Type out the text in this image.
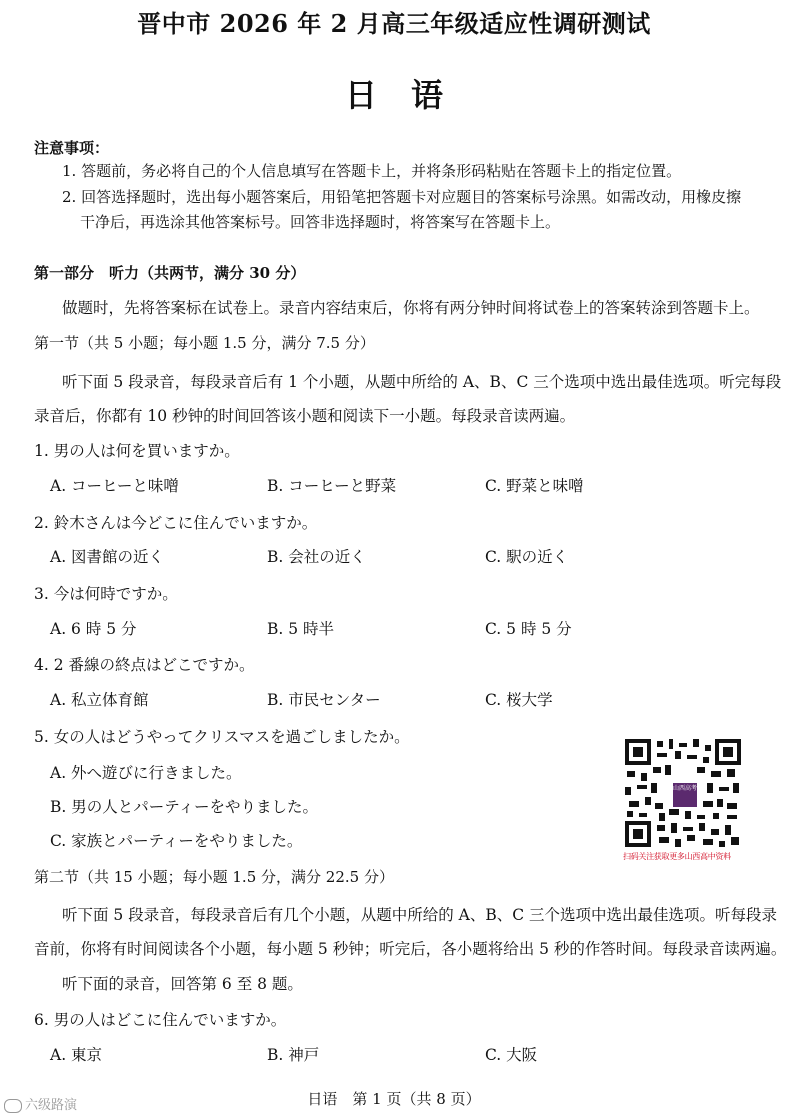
晋中市 2026 年 2 月高三年级适应性调研测试
日语
注意事项：
1. 答题前，务必将自己的个人信息填写在答题卡上，并将条形码粘贴在答题卡上的指定位置。
2. 回答选择题时，选出每小题答案后，用铅笔把答题卡对应题目的答案标号涂黑。如需改动，用橡皮擦
干净后，再选涂其他答案标号。回答非选择题时，将答案写在答题卡上。
第一部分　听力（共两节，满分 30 分）
做题时，先将答案标在试卷上。录音内容结束后，你将有两分钟时间将试卷上的答案转涂到答题卡上。
第一节（共 5 小题；每小题 1.5 分，满分 7.5 分）
听下面 5 段录音，每段录音后有 1 个小题，从题中所给的 A、B、C 三个选项中选出最佳选项。听完每段
录音后，你都有 10 秒钟的时间回答该小题和阅读下一小题。每段录音读两遍。
1. 男の人は何を買いますか。
A. コーヒーと味噌	B. コーヒーと野菜	C. 野菜と味噌
2. 鈴木さんは今どこに住んでいますか。
A. 図書館の近く	B. 会社の近く	C. 駅の近く
3. 今は何時ですか。
A. 6 時 5 分	B. 5 時半	C. 5 時 5 分
4. 2 番線の終点はどこですか。
A. 私立体育館	B. 市民センター	C. 桜大学
5. 女の人はどうやってクリスマスを過ごしましたか。
A. 外へ遊びに行きました。
B. 男の人とパーティーをやりました。
C. 家族とパーティーをやりました。
山西高考
扫码关注获取更多山西高中资料
第二节（共 15 小题；每小题 1.5 分，满分 22.5 分）
听下面 5 段录音，每段录音后有几个小题，从题中所给的 A、B、C 三个选项中选出最佳选项。听每段录
音前，你将有时间阅读各个小题，每小题 5 秒钟；听完后，各小题将给出 5 秒的作答时间。每段录音读两遍。
听下面的录音，回答第 6 至 8 题。
6. 男の人はどこに住んでいますか。
A. 東京	B. 神戸	C. 大阪
日语　第 1 页（共 8 页）
六级路演
